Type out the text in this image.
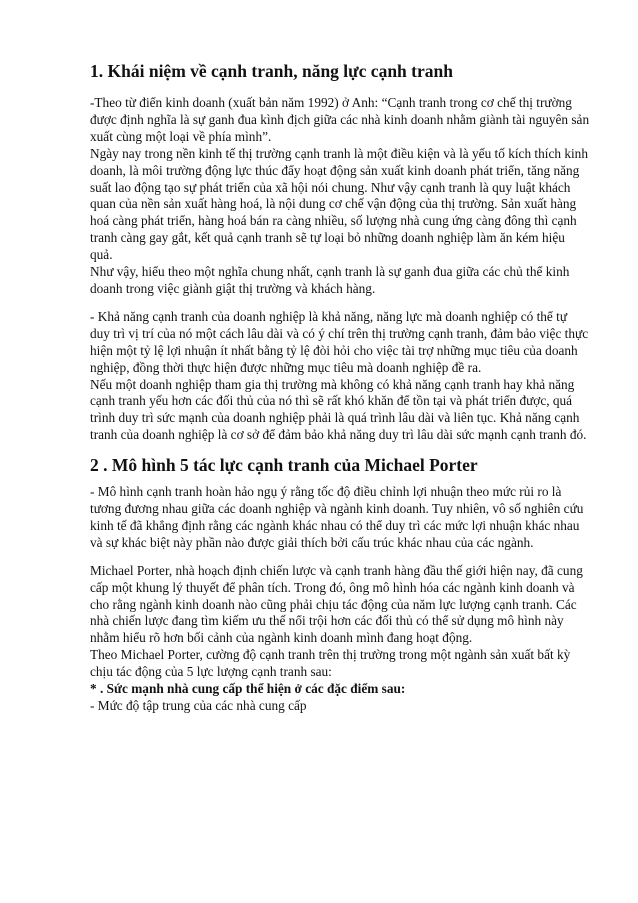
1. Khái niệm về cạnh tranh, năng lực cạnh tranh

-Theo từ điển kinh doanh (xuất bản năm 1992) ở Anh: “Cạnh tranh trong cơ chế thị trường được định nghĩa là sự ganh đua kình địch giữa các nhà kinh doanh nhằm giành tài nguyên sản xuất cùng một loại về phía mình”.

Ngày nay trong nền kinh tế thị trường cạnh tranh là một điều kiện và là yếu tố kích thích kinh doanh, là môi trường động lực thúc đẩy hoạt động sản xuất kinh doanh phát triển, tăng năng suất lao động tạo sự phát triển của xã hội nói chung. Như vậy cạnh tranh là quy luật khách quan của nền sản xuất hàng hoá, là nội dung cơ chế vận động của thị trường. Sản xuất hàng hoá càng phát triển, hàng hoá bán ra càng nhiều, số lượng nhà cung ứng càng đông thì cạnh tranh càng gay gắt, kết quả cạnh tranh sẽ tự loại bỏ những doanh nghiệp làm ăn kém hiệu quả.

Như vậy, hiểu theo một nghĩa chung nhất, cạnh tranh là sự ganh đua giữa các chủ thể kinh doanh trong việc giành giật thị trường và khách hàng.

- Khả năng cạnh tranh của doanh nghiệp là khả năng, năng lực mà doanh nghiệp có thể tự duy trì vị trí của nó một cách lâu dài và có ý chí trên thị trường cạnh tranh, đảm bảo việc thực hiện một tỷ lệ lợi nhuận ít nhất bằng tỷ lệ đòi hỏi cho việc tài trợ những mục tiêu của doanh nghiệp, đồng thời thực hiện được những mục tiêu mà doanh nghiệp đề ra.

Nếu một doanh nghiệp tham gia thị trường mà không có khả năng cạnh tranh hay khả năng cạnh tranh yếu hơn các đối thủ của nó thì sẽ rất khó khăn để tồn tại và phát triển được, quá trình duy trì sức mạnh của doanh nghiệp phải là quá trình lâu dài và liên tục. Khả năng cạnh tranh của doanh nghiệp là cơ sở để đảm bảo khả năng duy trì lâu dài sức mạnh cạnh tranh đó.

2 . Mô hình 5 tác lực cạnh tranh của Michael Porter

- Mô hình cạnh tranh hoàn hảo ngụ ý rằng tốc độ điều chỉnh lợi nhuận theo mức rủi ro là tương đương nhau giữa các doanh nghiệp và ngành kinh doanh. Tuy nhiên, vô số nghiên cứu kinh tế đã khẳng định rằng các ngành khác nhau có thể duy trì các mức lợi nhuận khác nhau và sự khác biệt này phần nào được giải thích bởi cấu trúc khác nhau của các ngành.

Michael Porter, nhà hoạch định chiến lược và cạnh tranh hàng đầu thế giới hiện nay, đã cung cấp một khung lý thuyết để phân tích. Trong đó, ông mô hình hóa các ngành kinh doanh và cho rằng ngành kinh doanh nào cũng phải chịu tác động của năm lực lượng cạnh tranh. Các nhà chiến lược đang tìm kiếm ưu thế nổi trội hơn các đối thủ có thể sử dụng mô hình này nhằm hiểu rõ hơn bối cảnh của ngành kinh doanh mình đang hoạt động.

Theo Michael Porter, cường độ cạnh tranh trên thị trường trong một ngành sản xuất bất kỳ chịu tác động của 5 lực lượng cạnh tranh sau:

* . Sức mạnh nhà cung cấp thể hiện ở các đặc điểm sau:

- Mức độ tập trung của các nhà cung cấp
